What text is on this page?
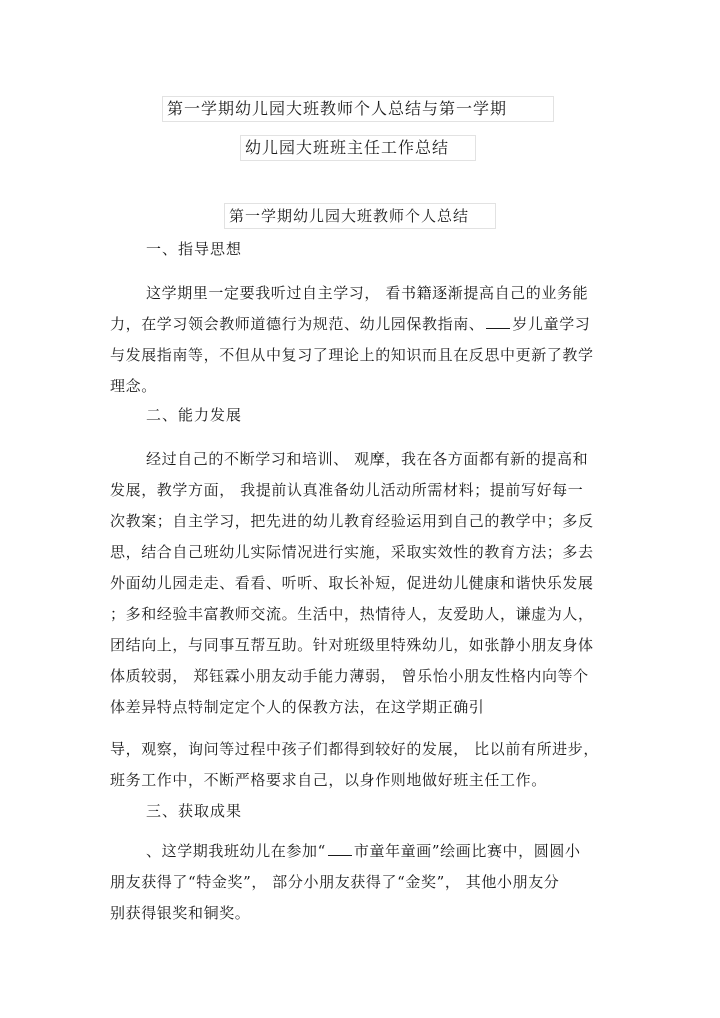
第一学期幼儿园大班教师个人总结与第一学期
幼儿园大班班主任工作总结
第一学期幼儿园大班教师个人总结
一、指导思想
这学期里一定要我听过自主学习， 看书籍逐渐提高自己的业务能
力，在学习领会教师道德行为规范、幼儿园保教指南、 岁儿童学习
与发展指南等，不但从中复习了理论上的知识而且在反思中更新了教学
理念。
二、能力发展
经过自己的不断学习和培训、 观摩，我在各方面都有新的提高和
发展，教学方面， 我提前认真准备幼儿活动所需材料；提前写好每一
次教案；自主学习，把先进的幼儿教育经验运用到自己的教学中；多反
思，结合自己班幼儿实际情况进行实施，采取实效性的教育方法；多去
外面幼儿园走走、看看、听听、取长补短，促进幼儿健康和谐快乐发展
；多和经验丰富教师交流。生活中，热情待人，友爱助人，谦虚为人，
团结向上，与同事互帮互助。针对班级里特殊幼儿，如张静小朋友身体
体质较弱， 郑钰霖小朋友动手能力薄弱， 曾乐怡小朋友性格内向等个
体差异特点特制定定个人的保教方法，在这学期正确引
导，观察，询问等过程中孩子们都得到较好的发展， 比以前有所进步，
班务工作中，不断严格要求自己，以身作则地做好班主任工作。
三、获取成果
、这学期我班幼儿在参加“ 市童年童画”绘画比赛中，圆圆小
朋友获得了“特金奖”， 部分小朋友获得了“金奖”， 其他小朋友分
别获得银奖和铜奖。
